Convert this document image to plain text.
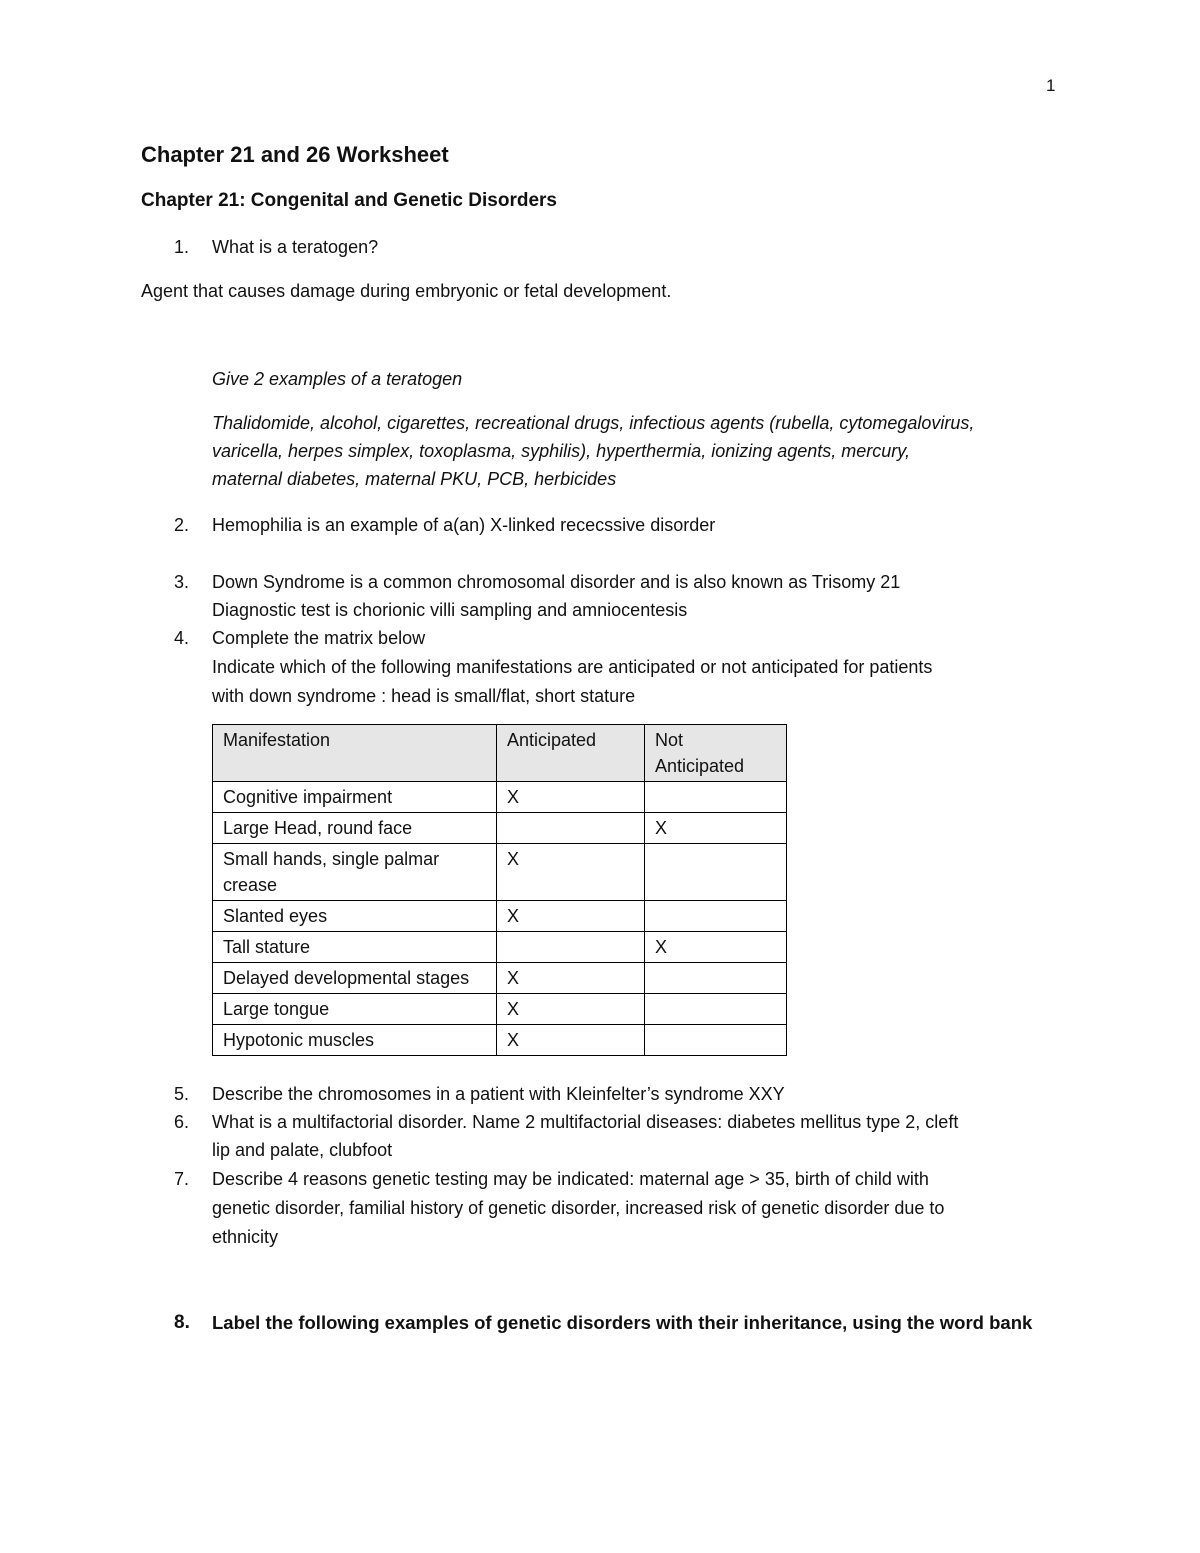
1
Chapter 21 and 26 Worksheet
Chapter 21: Congenital and Genetic Disorders
1. What is a teratogen?

Agent that causes damage during embryonic or fetal development.

Give 2 examples of a teratogen

Thalidomide, alcohol, cigarettes, recreational drugs, infectious agents (rubella, cytomegalovirus,
varicella, herpes simplex, toxoplasma, syphilis), hyperthermia, ionizing agents, mercury,
maternal diabetes, maternal PKU, PCB, herbicides
2. Hemophilia is an example of a(an) X-linked rececssive disorder

3. Down Syndrome is a common chromosomal disorder and is also known as Trisomy 21
Diagnostic test is chorionic villi sampling and amniocentesis
4. Complete the matrix below
Indicate which of the following manifestations are anticipated or not anticipated for patients
with down syndrome : head is small/flat, short stature
Manifestation	Anticipated	Not Anticipated
Cognitive impairment	X	
Large Head, round face		X
Small hands, single palmar crease	X	
Slanted eyes	X	
Tall stature		X
Delayed developmental stages	X	
Large tongue	X	
Hypotonic muscles	X	
5. Describe the chromosomes in a patient with Kleinfelter’s syndrome XXY

6. What is a multifactorial disorder. Name 2 multifactorial diseases: diabetes mellitus type 2, cleft
lip and palate, clubfoot
7. Describe 4 reasons genetic testing may be indicated: maternal age > 35, birth of child with
genetic disorder, familial history of genetic disorder, increased risk of genetic disorder due to
ethnicity
8. Label the following examples of genetic disorders with their inheritance, using the word bank
